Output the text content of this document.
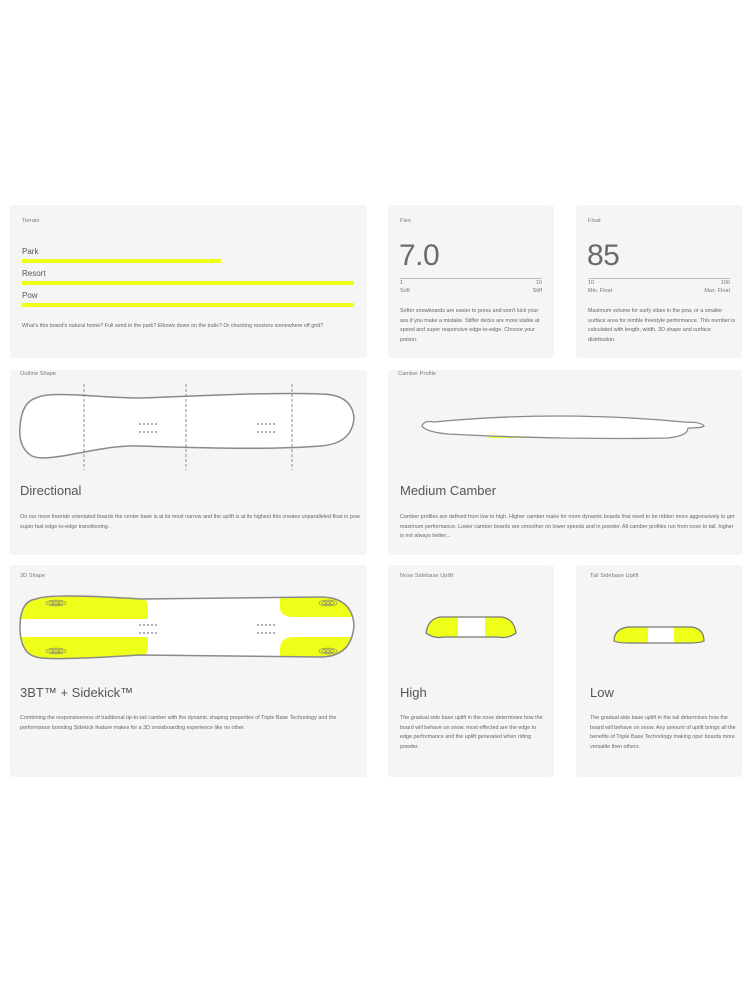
Terrain
Park
Resort
Pow
What's this board's natural home? Full send in the park? Elbows down on the trails? Or chucking roosters somewhere off grid?
Flex
7.0
1	10
Soft	Stiff
Softer snowboards are easier to press and won't kick your ass if you make a mistake. Stiffer decks are more stable at speed and super responsive edge-to-edge. Choose your poison.
Float
85
10	100
Min. Float	Max. Float
Maximum volume for surfy vibes in the pow, or a smaller surface area for nimble freestyle performance. This number is calculated with length, width, 3D shape and surface distribution.
Outline Shape
Directional
On our more freeride orientated boards the center base is at its most narrow and the uplift is at its highest this creates unparalleled float in pow super fast edge-to-edge transitioning.
Camber Profile
Medium Camber
Camber profiles are defined from low to high. Higher camber make for more dynamic boards that need to be ridden more aggressively to get maximum performance. Lower camber boards are smoother on lower speeds and in powder. All camber profiles run from nose to tail. higher is not always better...
3D Shape
3BT™ + Sidekick™
Combining the responsiveness of traditional tip-to-tail camber with the dynamic shaping properties of Triple Base Technology and the performance boosting Sidekick feature makes for a 3D snowboarding experience like no other.
Nose Sidebase Uplift
High
The gradual side base uplift in the nose determines how the board will behave on snow. most effected are the edge to edge performance and the uplift generated when riding powder.
Tail Sidebase Uplift
Low
The gradual side base uplift in the tail determines how the board will behave on snow. Any amount of uplift brings all the benefits of Triple Base Technology making opur boards more versatile then others.
